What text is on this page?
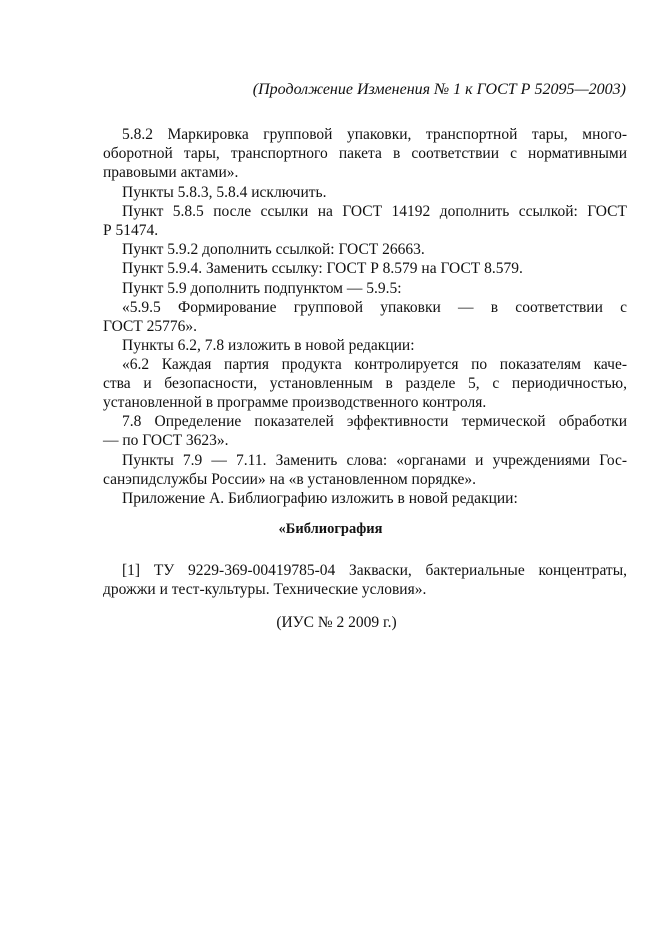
(Продолжение Изменения № 1 к ГОСТ Р 52095—2003)
5.8.2 Маркировка групповой упаковки, транспортной тары, много-
оборотной тары, транспортного пакета в соответствии с нормативными
правовыми актами».
Пункты 5.8.3, 5.8.4 исключить.
Пункт 5.8.5 после ссылки на ГОСТ 14192 дополнить ссылкой: ГОСТ
Р 51474.
Пункт 5.9.2 дополнить ссылкой: ГОСТ 26663.
Пункт 5.9.4. Заменить ссылку: ГОСТ Р 8.579 на ГОСТ 8.579.
Пункт 5.9 дополнить подпунктом — 5.9.5:
«5.9.5 Формирование групповой упаковки — в соответствии с
ГОСТ 25776».
Пункты 6.2, 7.8 изложить в новой редакции:
«6.2 Каждая партия продукта контролируется по показателям каче-
ства и безопасности, установленным в разделе 5, с периодичностью,
установленной в программе производственного контроля.
7.8 Определение показателей эффективности термической обработки
— по ГОСТ 3623».
Пункты 7.9 — 7.11. Заменить слова: «органами и учреждениями Гос-
санэпидслужбы России» на «в установленном порядке».
Приложение А. Библиографию изложить в новой редакции:
«Библиография
[1] ТУ 9229-369-00419785-04 Закваски, бактериальные концентраты,
дрожжи и тест-культуры. Технические условия».
(ИУС № 2 2009 г.)
